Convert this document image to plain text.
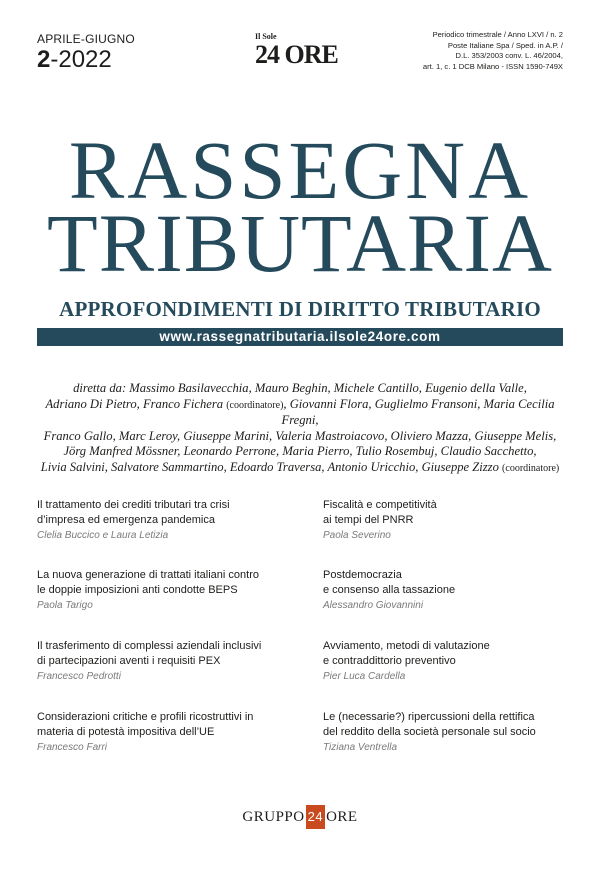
APRILE-GIUGNO
2-2022
Il Sole
24 ORE
Periodico trimestrale / Anno LXVI / n. 2
Poste Italiane Spa / Sped. in A.P. /
D.L. 353/2003 conv. L. 46/2004,
art. 1, c. 1 DCB Milano - ISSN 1590-749X
RASSEGNA
TRIBUTARIA
APPROFONDIMENTI DI DIRITTO TRIBUTARIO
www.rassegnatributaria.ilsole24ore.com
diretta da: Massimo Basilavecchia, Mauro Beghin, Michele Cantillo, Eugenio della Valle,
Adriano Di Pietro, Franco Fichera (coordinatore), Giovanni Flora, Guglielmo Fransoni, Maria Cecilia Fregni,
Franco Gallo, Marc Leroy, Giuseppe Marini, Valeria Mastroiacovo, Oliviero Mazza, Giuseppe Melis,
Jörg Manfred Mössner, Leonardo Perrone, Maria Pierro, Tulio Rosembuj, Claudio Sacchetto,
Livia Salvini, Salvatore Sammartino, Edoardo Traversa, Antonio Uricchio, Giuseppe Zizzo (coordinatore)
Il trattamento dei crediti tributari tra crisi
d’impresa ed emergenza pandemica
Clelia Buccico e Laura Letizia
Fiscalità e competitività
ai tempi del PNRR
Paola Severino
La nuova generazione di trattati italiani contro
le doppie imposizioni anti condotte BEPS
Paola Tarigo
Postdemocrazia
e consenso alla tassazione
Alessandro Giovannini
Il trasferimento di complessi aziendali inclusivi
di partecipazioni aventi i requisiti PEX
Francesco Pedrotti
Avviamento, metodi di valutazione
e contraddittorio preventivo
Pier Luca Cardella
Considerazioni critiche e profili ricostruttivi in
materia di potestà impositiva dell’UE
Francesco Farri
Le (necessarie?) ripercussioni della rettifica
del reddito della società personale sul socio
Tiziana Ventrella
GRUPPO 24 ORE
